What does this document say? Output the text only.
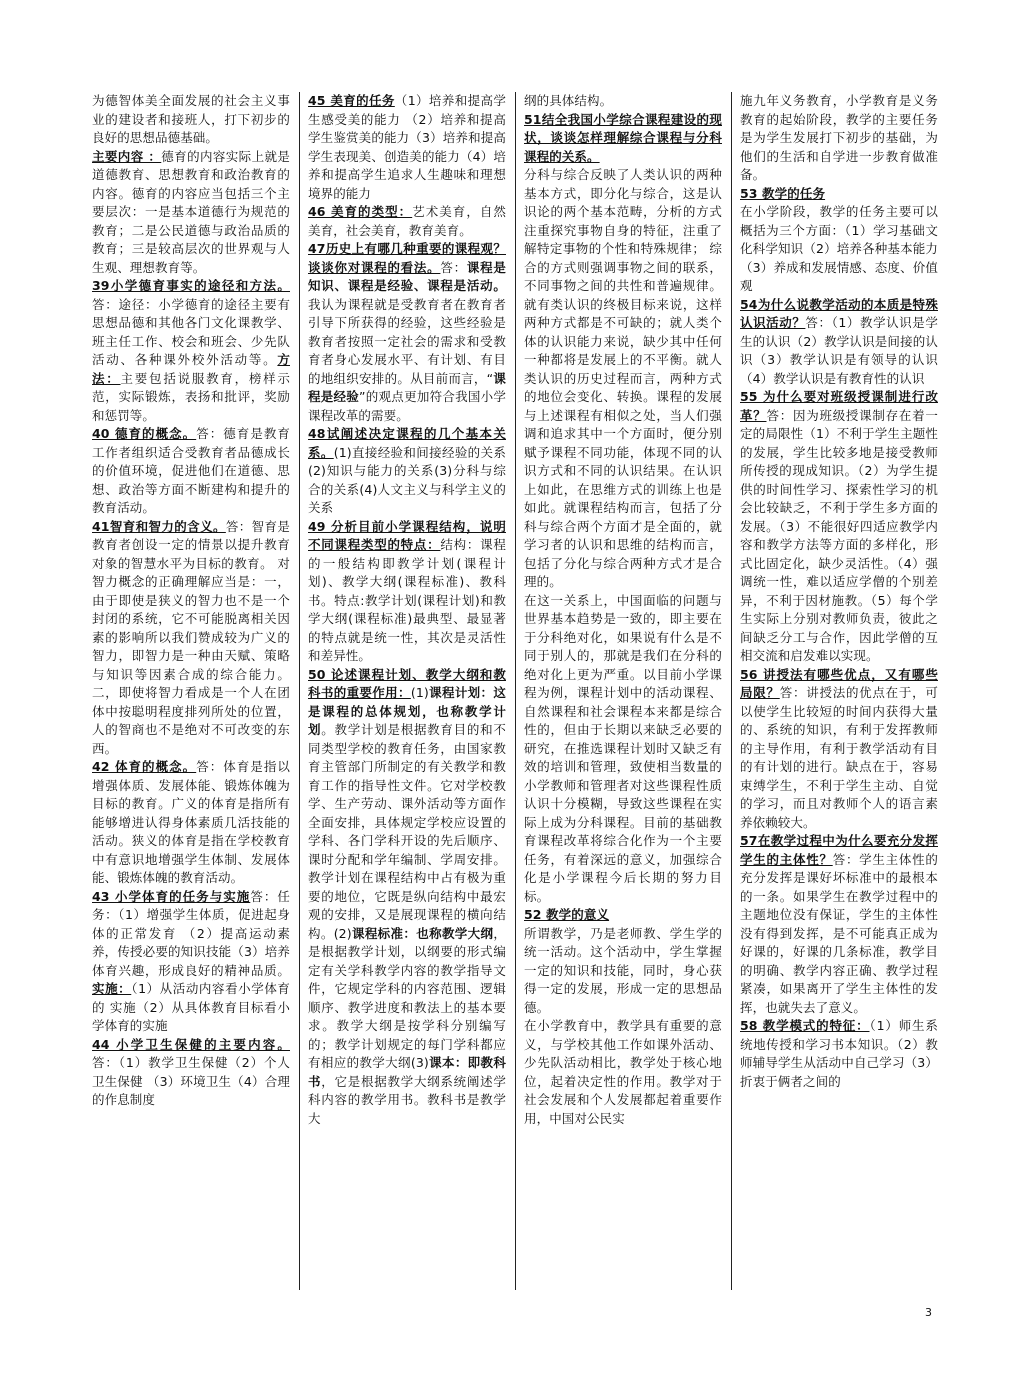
为德智体美全面发展的社会主义事业的建设者和接班人，打下初步的良好的思想品德基础。

主要内容 ：德育的内容实际上就是道德教育、思想教育和政治教育的内容。德育的内容应当包括三个主要层次：一是基本道德行为规范的教育；二是公民道德与政治品质的教育；三是较高层次的世界观与人生观、理想教育等。

39小学德育事实的途径和方法。答：途径：小学德育的途径主要有思想品德和其他各门文化课教学、班主任工作、校会和班会、少先队活动、各种课外校外活动等。方法：主要包括说服教育，榜样示范，实际锻炼，表扬和批评，奖励和惩罚等。

40 德育的概念。答：德育是教育工作者组织适合受教育者品德成长的价值环境，促进他们在道德、思想、政治等方面不断建构和提升的教育活动。

41智育和智力的含义。答：智育是教育者创设一定的情景以提升教育对象的智慧水平为目标的教育。 对智力概念的正确理解应当是：一，由于即使是狭义的智力也不是一个封闭的系统，它不可能脱离相关因素的影响所以我们赞成较为广义的智力，即智力是一种由天赋、策略与知识等因素合成的综合能力。二，即使将智力看成是一个人在团体中按聪明程度排列所处的位置，人的智商也不是绝对不可改变的东西。

42 体育的概念。答：体育是指以增强体质、发展体能、锻炼体魄为目标的教育。广义的体育是指所有能够增进认得身体素质几活技能的活动。狭义的体育是指在学校教育中有意识地增强学生体制、发展体能、锻炼体魄的教育活动。

43 小学体育的任务与实施答：任务：（1）增强学生体质，促进起身体的正常发育 （2）提高运动素养，传授必要的知识技能（3）培养体育兴趣，形成良好的精神品质。 实施：（1）从活动内容看小学体育的 实施（2）从具体教育目标看小学体育的实施

44 小学卫生保健的主要内容。答：（1）教学卫生保健（2）个人卫生保健 （3）环境卫生（4）合理的作息制度

45 美育的任务（1）培养和提高学生感受美的能力 （2）培养和提高学生鉴赏美的能力（3）培养和提高学生表现美、创造美的能力（4）培养和提高学生追求人生趣味和理想境界的能力

46 美育的类型：艺术美育，自然美育，社会美育，教育美育。

47历史上有哪几种重要的课程观？谈谈你对课程的看法。答：课程是知识、课程是经验、课程是活动。我认为课程就是受教育者在教育者引导下所获得的经验，这些经验是教育者按照一定社会的需求和受教育者身心发展水平、有计划、有目的地组织安排的。从目前而言，“课程是经验”的观点更加符合我国小学课程改革的需要。

48试阐述决定课程的几个基本关系。(1)直接经验和间接经验的关系(2)知识与能力的关系(3)分科与综合的关系(4)人文主义与科学主义的关系

49 分析目前小学课程结构，说明不同课程类型的特点：结构：课程的一般结构即教学计划(课程计划)、教学大纲(课程标准)、教科书。特点:教学计划(课程计划)和教学大纲(课程标准)最典型、最显著的特点就是统一性，其次是灵活性和差异性。

50 论述课程计划、教学大纲和教科书的重要作用：(1)课程计划：这是课程的总体规划，也称教学计划。教学计划是根据教育目的和不同类型学校的教育任务，由国家教育主管部门所制定的有关教学和教育工作的指导性文件。它对学校教学、生产劳动、课外活动等方面作全面安排，具体规定学校应设置的学科、各门学科开设的先后顺序、课时分配和学年编制、学周安排。教学计划在课程结构中占有极为重要的地位，它既是纵向结构中最宏观的安排，又是展现课程的横向结构。(2)课程标准：也称教学大纲，是根据教学计划，以纲要的形式编定有关学科教学内容的教学指导文件，它规定学科的内容范围、逻辑顺序、教学进度和教法上的基本要求。教学大纲是按学科分别编写的；教学计划规定的每门学科都应有相应的教学大纲(3)课本：即教科书，它是根据教学大纲系统阐述学科内容的教学用书。教科书是教学大

纲的具体结构。

51结全我国小学综合课程建设的现状，谈谈怎样理解综合课程与分科课程的关系。

分科与综合反映了人类认识的两种基本方式，即分化与综合，这是认识论的两个基本范畴，分析的方式注重探究事物自身的特征，注重了解特定事物的个性和特殊规律； 综合的方式则强调事物之间的联系，不同事物之间的共性和普遍规律。就有类认识的终极目标来说，这样两种方式都是不可缺的；就人类个体的认识能力来说，缺少其中任何一种都将是发展上的不平衡。就人类认识的历史过程而言，两种方式的地位会变化、转换。课程的发展与上述课程有相似之处，当人们强调和追求其中一个方面时，便分别赋予课程不同功能，体现不同的认识方式和不同的认识结果。在认识上如此，在思维方式的训练上也是如此。就课程结构而言，包括了分科与综合两个方面才是全面的，就学习者的认识和思维的结构而言，包括了分化与综合两种方式才是合理的。

在这一关系上，中国面临的问题与世界基本趋势是一致的，即主要在于分科绝对化，如果说有什么是不同于别人的，那就是我们在分科的绝对化上更为严重。以目前小学课程为例，课程计划中的活动课程、自然课程和社会课程本来都是综合性的，但由于长期以来缺乏必要的研究，在推选课程计划时又缺乏有效的培训和管理，致使相当数量的小学教师和管理者对这些课程性质认识十分模糊，导致这些课程在实际上成为分科课程。目前的基础教育课程改革将综合化作为一个主要任务，有着深远的意义，加强综合化是小学课程今后长期的努力目标。

52 教学的意义

所谓教学，乃是老师教、学生学的统一活动。这个活动中，学生掌握一定的知识和技能，同时，身心获得一定的发展，形成一定的思想品德。

在小学教育中，教学具有重要的意义，与学校其他工作如课外活动、少先队活动相比，教学处于核心地位，起着决定性的作用。教学对于社会发展和个人发展都起着重要作用，中国对公民实

施九年义务教育，小学教育是义务教育的起始阶段，教学的主要任务是为学生发展打下初步的基础，为他们的生活和自学进一步教育做准备。

53 教学的任务

在小学阶段，教学的任务主要可以概括为三个方面：（1）学习基础文化科学知识（2）培养各种基本能力（3）养成和发展情感、态度、价值观

54为什么说教学活动的本质是特殊认识活动？答：（1）教学认识是学生的认识（2）教学认识是间接的认识（3）教学认识是有领导的认识（4）教学认识是有教育性的认识

55 为什么要对班级授课制进行改革？答：因为班级授课制存在着一定的局限性（1）不利于学生主题性的发展，学生比较多地是接受教师所传授的现成知识。（2）为学生提供的时间性学习、探索性学习的机会比较缺乏，不利于学生多方面的发展。（3）不能很好四适应教学内容和教学方法等方面的多样化，形式比固定化，缺少灵活性。（4）强调统一性，难以适应学僧的个别差异，不利于因材施教。（5）每个学生实际上分别对教师负责，彼此之间缺乏分工与合作，因此学僧的互相交流和启发难以实现。

56 讲授法有哪些优点，又有哪些局限？答：讲授法的优点在于，可以使学生比较短的时间内获得大量的、系统的知识，有利于发挥教师的主导作用，有利于教学活动有目的有计划的进行。缺点在于，容易束缚学生，不利于学生主动、自觉的学习，而且对教师个人的语言素养依赖较大。

57在教学过程中为什么要充分发挥学生的主体性？答：学生主体性的充分发挥是课好坏标准中的最根本的一条。如果学生在教学过程中的主题地位没有保证，学生的主体性没有得到发挥，是不可能真正成为好课的，好课的几条标准，教学目的明确、教学内容正确、教学过程紧凑，如果离开了学生主体性的发挥，也就失去了意义。

58 教学模式的特征：（1）师生系统地传授和学习书本知识。（2）教师辅导学生从活动中自己学习（3）折衷于俩者之间的

3
